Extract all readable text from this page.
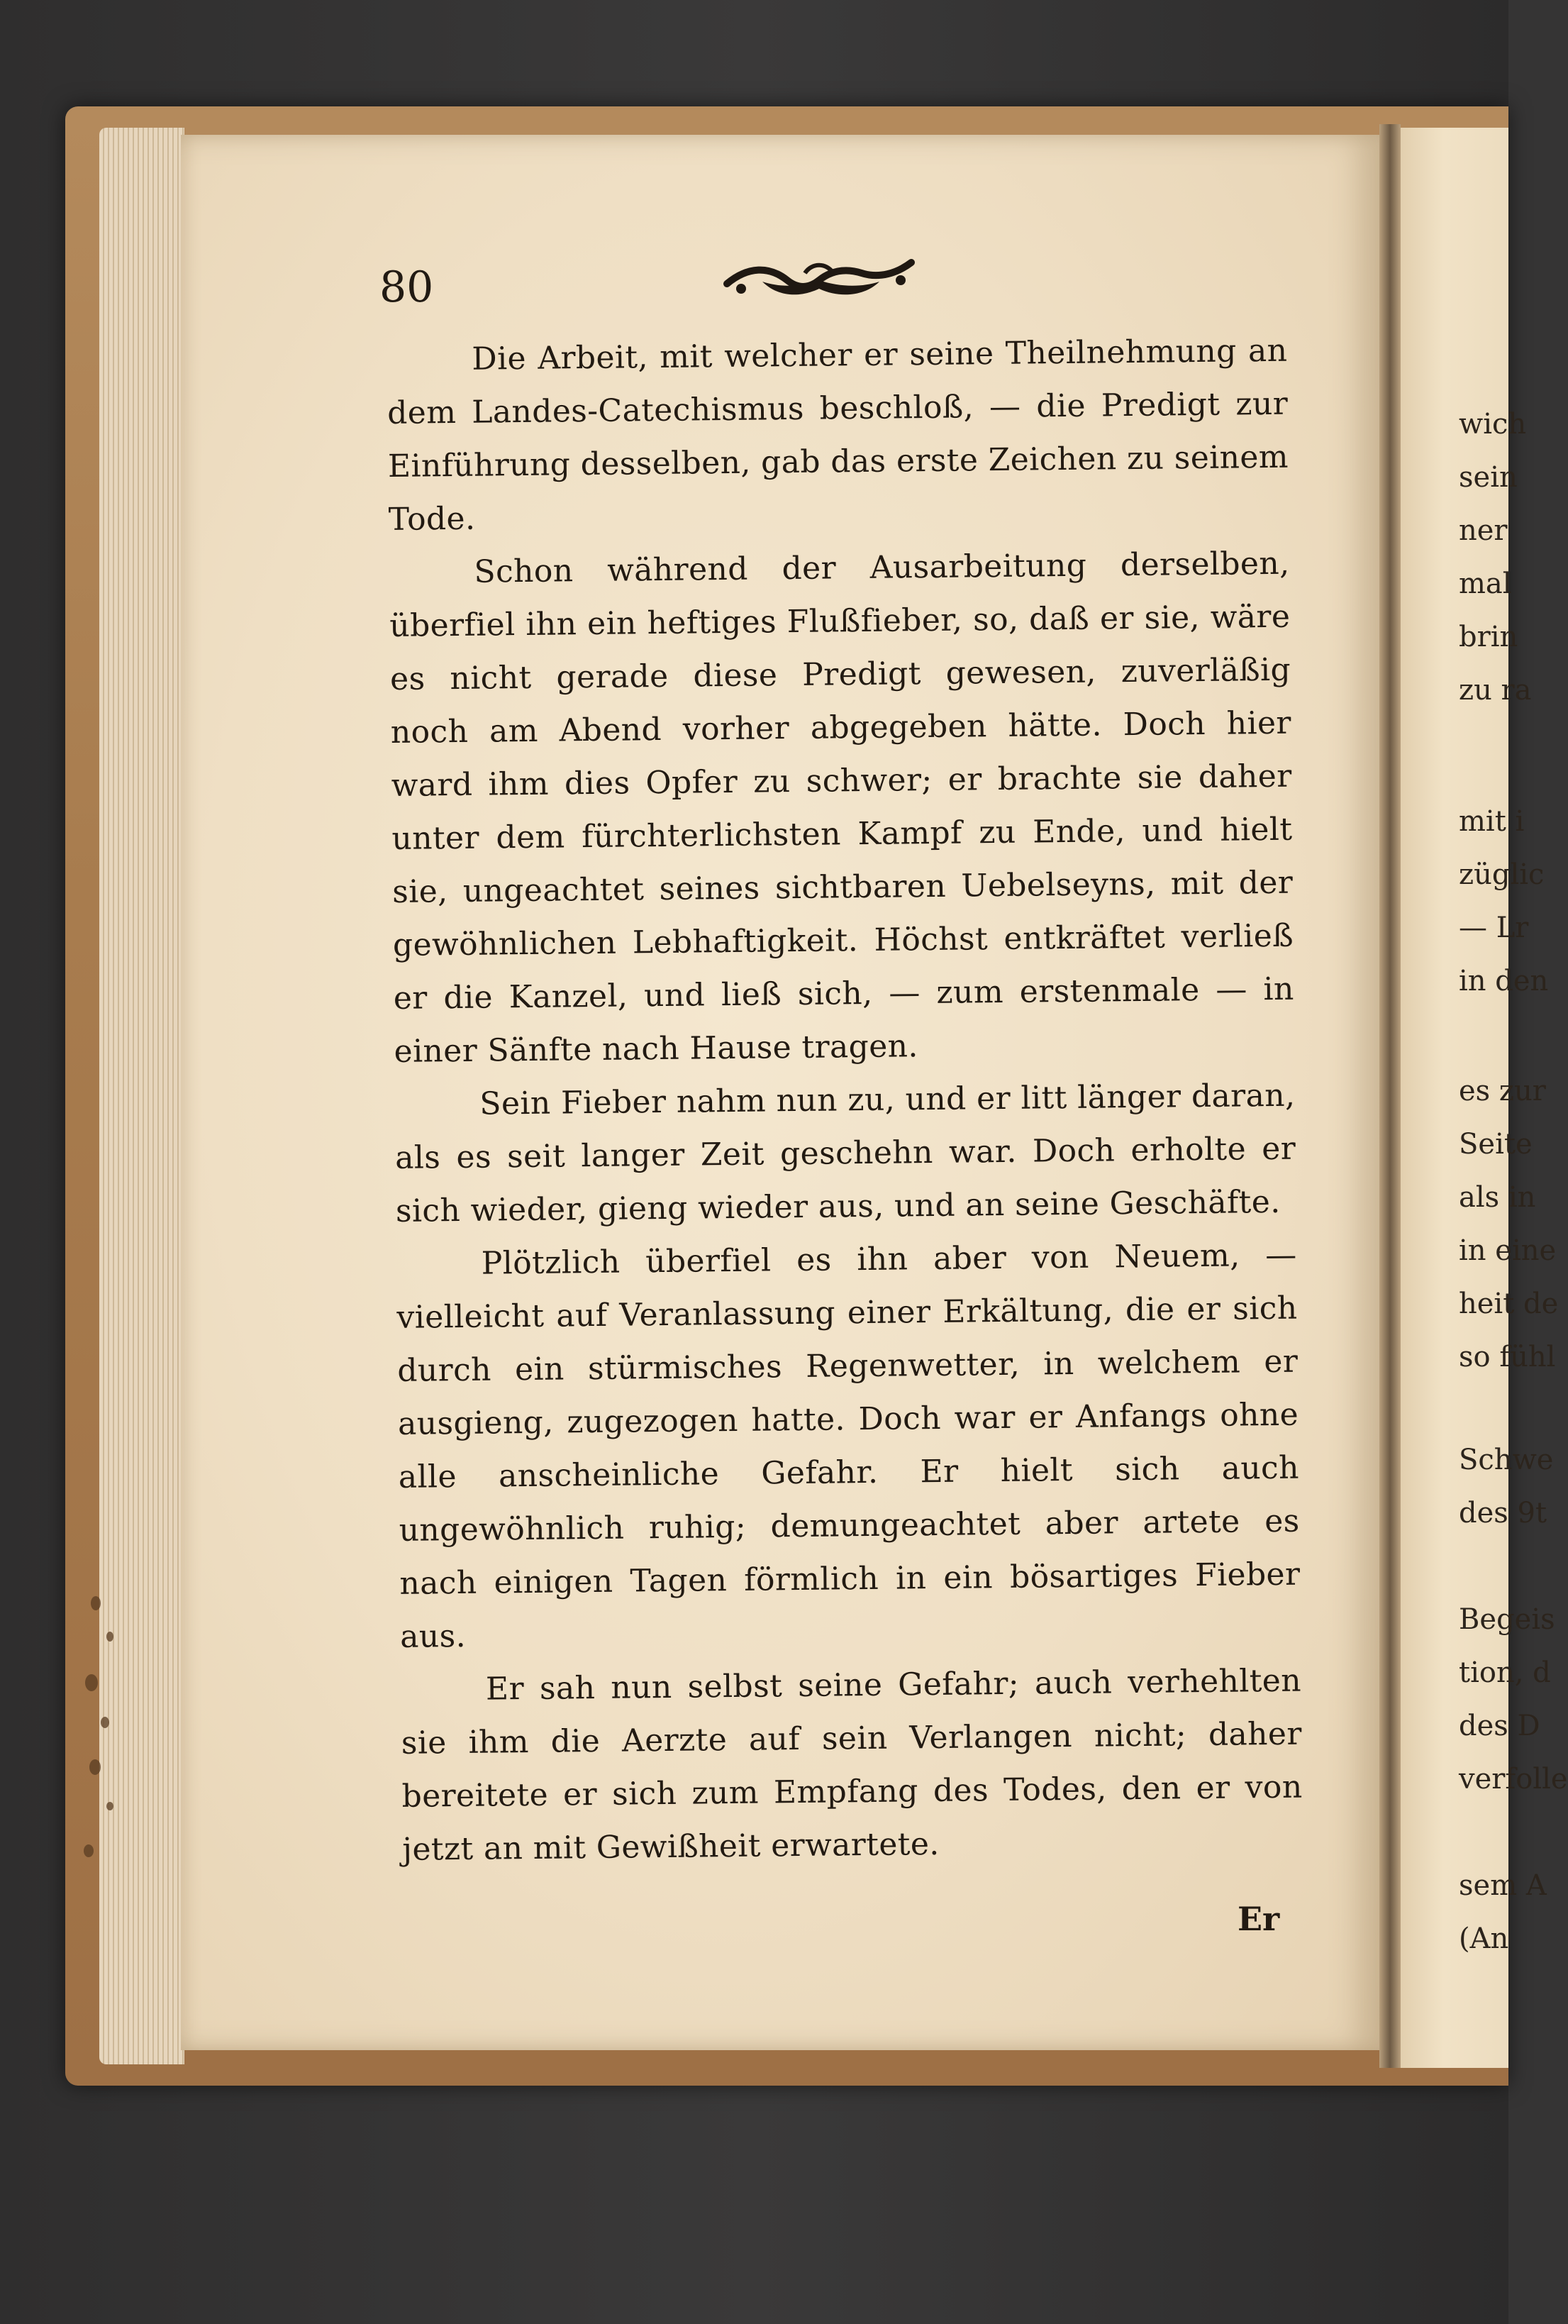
wich
sein
ner
mal
brin
zu ra
mit i
züglic
— Lr
in den
es zur
Seite
als in
in eine
heit de
so fühl
Schwe
des 9t
Begeis
tion, d
des D
verfolle
sem A
(An
80

Die Arbeit, mit welcher er seine Theilnehmung an dem Landes-Catechismus beschloß, — die Predigt zur Einführung desselben, gab das erste Zeichen zu seinem Tode.

Schon während der Ausarbeitung derselben, überfiel ihn ein heftiges Flußfieber, so, daß er sie, wäre es nicht gerade diese Predigt gewesen, zuverläßig noch am Abend vorher abgegeben hätte. Doch hier ward ihm dies Opfer zu schwer; er brachte sie daher unter dem fürchterlichsten Kampf zu Ende, und hielt sie, ungeachtet seines sichtbaren Uebelseyns, mit der gewöhnlichen Lebhaftigkeit. Höchst entkräftet verließ er die Kanzel, und ließ sich, — zum erstenmale — in einer Sänfte nach Hause tragen.

Sein Fieber nahm nun zu, und er litt länger daran, als es seit langer Zeit geschehn war. Doch erholte er sich wieder, gieng wieder aus, und an seine Geschäfte.

Plötzlich überfiel es ihn aber von Neuem, — vielleicht auf Veranlassung einer Erkältung, die er sich durch ein stürmisches Regenwetter, in welchem er ausgieng, zugezogen hatte. Doch war er Anfangs ohne alle anscheinliche Gefahr. Er hielt sich auch ungewöhnlich ruhig; demungeachtet aber artete es nach einigen Tagen förmlich in ein bösartiges Fieber aus.

Er sah nun selbst seine Gefahr; auch verhehlten sie ihm die Aerzte auf sein Verlangen nicht; daher bereitete er sich zum Empfang des Todes, den er von jetzt an mit Gewißheit erwartete.

Er
